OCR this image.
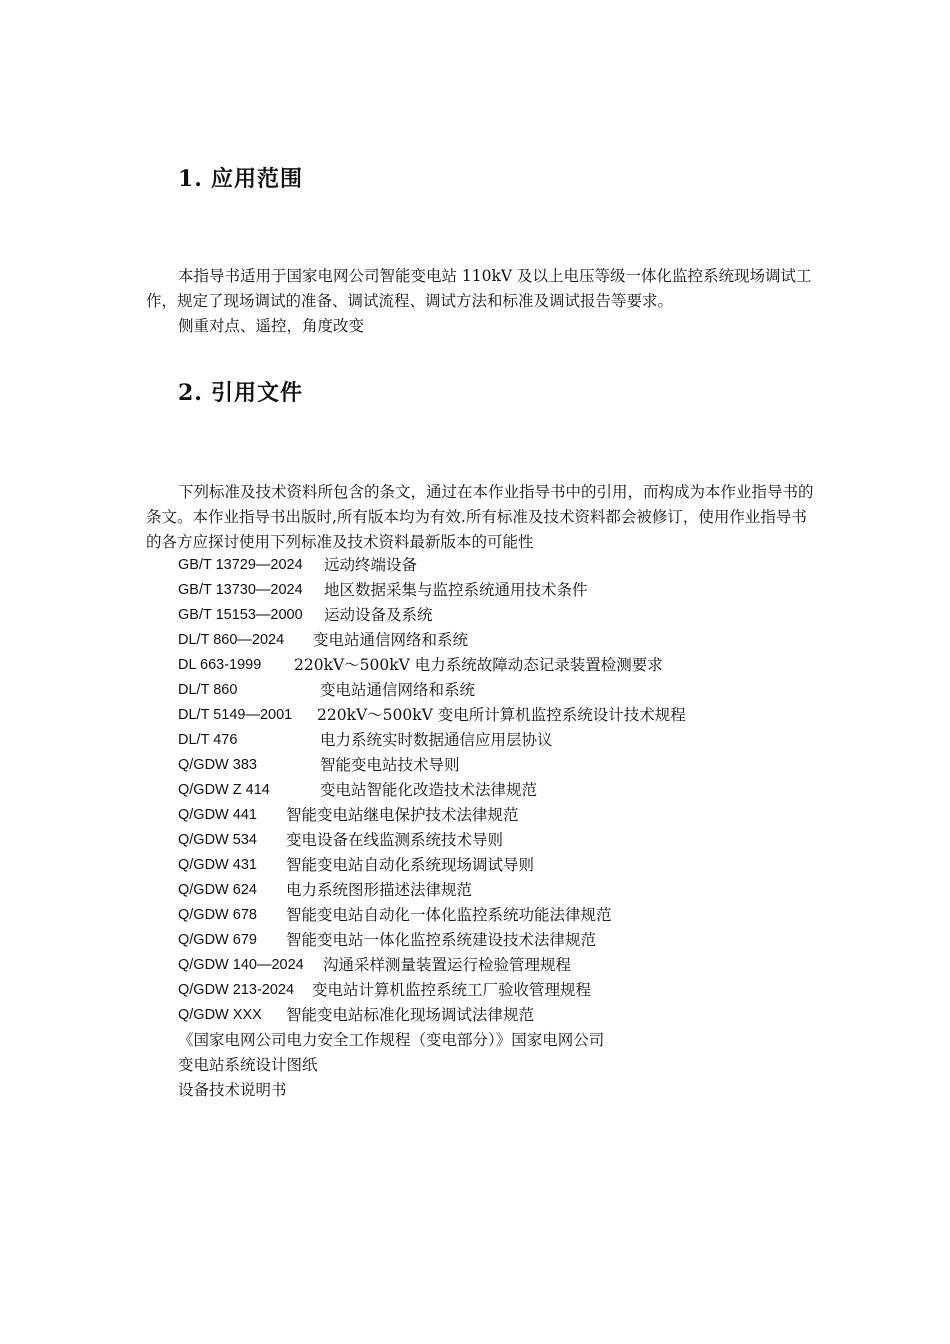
1. 应用范围

本指导书适用于国家电网公司智能变电站 110kV 及以上电压等级一体化监控系统现场调试工作，规定了现场调试的准备、调试流程、调试方法和标准及调试报告等要求。

侧重对点、遥控，角度改变

2. 引用文件

下列标准及技术资料所包含的条文，通过在本作业指导书中的引用，而构成为本作业指导书的条文。本作业指导书出版时,所有版本均为有效.所有标准及技术资料都会被修订，使用作业指导书的各方应探讨使用下列标准及技术资料最新版本的可能性

GB/T 13729—2024 远动终端设备
GB/T 13730—2024 地区数据采集与监控系统通用技术条件
GB/T 15153—2000 运动设备及系统
DL/T 860—2024 变电站通信网络和系统
DL 663-1999 220kV～500kV 电力系统故障动态记录装置检测要求
DL/T 860	变电站通信网络和系统
DL/T 5149—2001 220kV～500kV 变电所计算机监控系统设计技术规程
DL/T 476	电力系统实时数据通信应用层协议
Q/GDW 383	智能变电站技术导则
Q/GDW Z 414	变电站智能化改造技术法律规范
Q/GDW 441 智能变电站继电保护技术法律规范
Q/GDW 534 变电设备在线监测系统技术导则
Q/GDW 431 智能变电站自动化系统现场调试导则
Q/GDW 624 电力系统图形描述法律规范
Q/GDW 678 智能变电站自动化一体化监控系统功能法律规范
Q/GDW 679 智能变电站一体化监控系统建设技术法律规范
Q/GDW 140—2024 沟通采样测量装置运行检验管理规程
Q/GDW 213-2024 变电站计算机监控系统工厂验收管理规程
Q/GDW XXX 智能变电站标准化现场调试法律规范

《国家电网公司电力安全工作规程（变电部分）》国家电网公司

变电站系统设计图纸

设备技术说明书
